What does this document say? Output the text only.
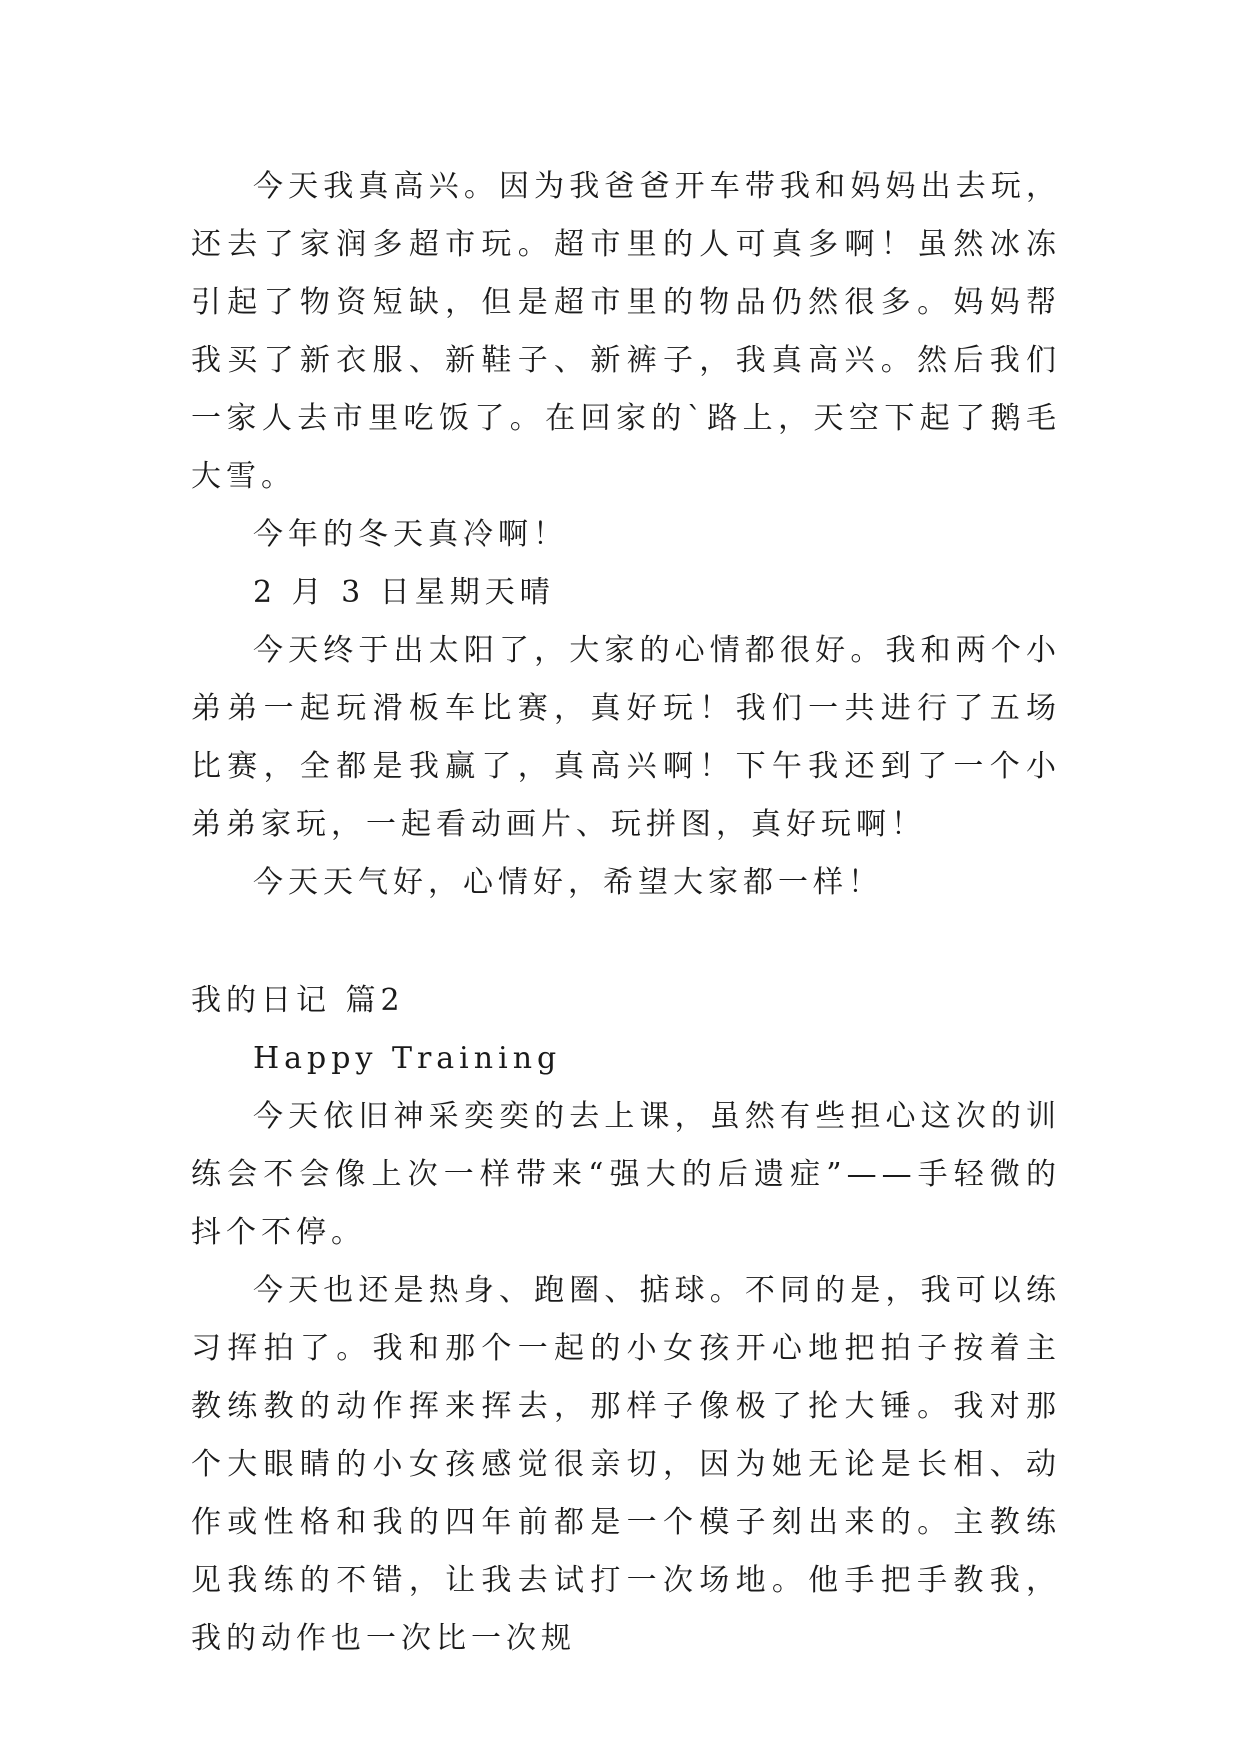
今天我真高兴。因为我爸爸开车带我和妈妈出去玩，还去了家润多超市玩。超市里的人可真多啊！虽然冰冻引起了物资短缺，但是超市里的物品仍然很多。妈妈帮我买了新衣服、新鞋子、新裤子，我真高兴。然后我们一家人去市里吃饭了。在回家的`路上，天空下起了鹅毛大雪。

今年的冬天真冷啊！

2 月 3 日星期天晴

今天终于出太阳了，大家的心情都很好。我和两个小弟弟一起玩滑板车比赛，真好玩！我们一共进行了五场比赛，全都是我赢了，真高兴啊！下午我还到了一个小弟弟家玩，一起看动画片、玩拼图，真好玩啊！

今天天气好，心情好，希望大家都一样！

我的日记 篇2

Happy Training

今天依旧神采奕奕的去上课，虽然有些担心这次的训练会不会像上次一样带来“强大的后遗症”——手轻微的抖个不停。

今天也还是热身、跑圈、掂球。不同的是，我可以练习挥拍了。我和那个一起的小女孩开心地把拍子按着主教练教的动作挥来挥去，那样子像极了抡大锤。我对那个大眼睛的小女孩感觉很亲切，因为她无论是长相、动作或性格和我的四年前都是一个模子刻出来的。主教练见我练的不错，让我去试打一次场地。他手把手教我，我的动作也一次比一次规
